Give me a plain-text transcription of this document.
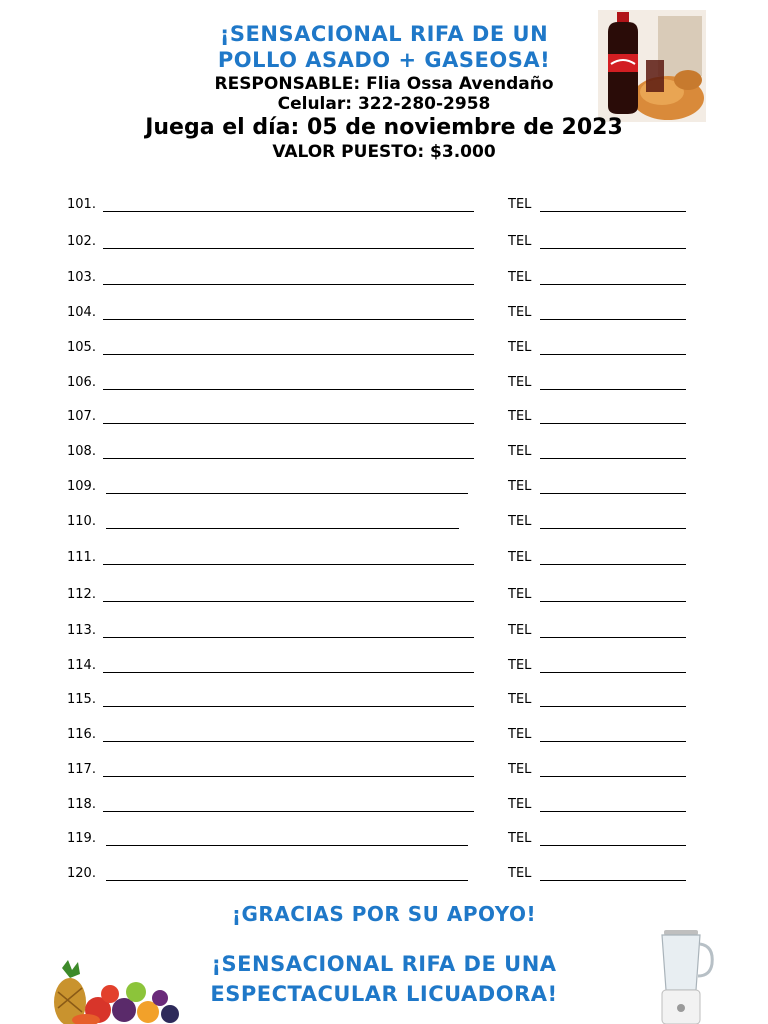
¡SENSACIONAL RIFA DE UN
POLLO ASADO + GASEOSA!
RESPONSABLE: Flia Ossa Avendaño
Celular: 322-280-2958
Juega el día: 05 de noviembre de 2023
VALOR PUESTO: $3.000
101.	TEL
102.	TEL
103.	TEL
104.	TEL
105.	TEL
106.	TEL
107.	TEL
108.	TEL
109.	TEL
110.	TEL
111.	TEL
112.	TEL
113.	TEL
114.	TEL
115.	TEL
116.	TEL
117.	TEL
118.	TEL
119.	TEL
120.	TEL
¡GRACIAS POR SU APOYO!
¡SENSACIONAL RIFA DE UNA
ESPECTACULAR LICUADORA!
